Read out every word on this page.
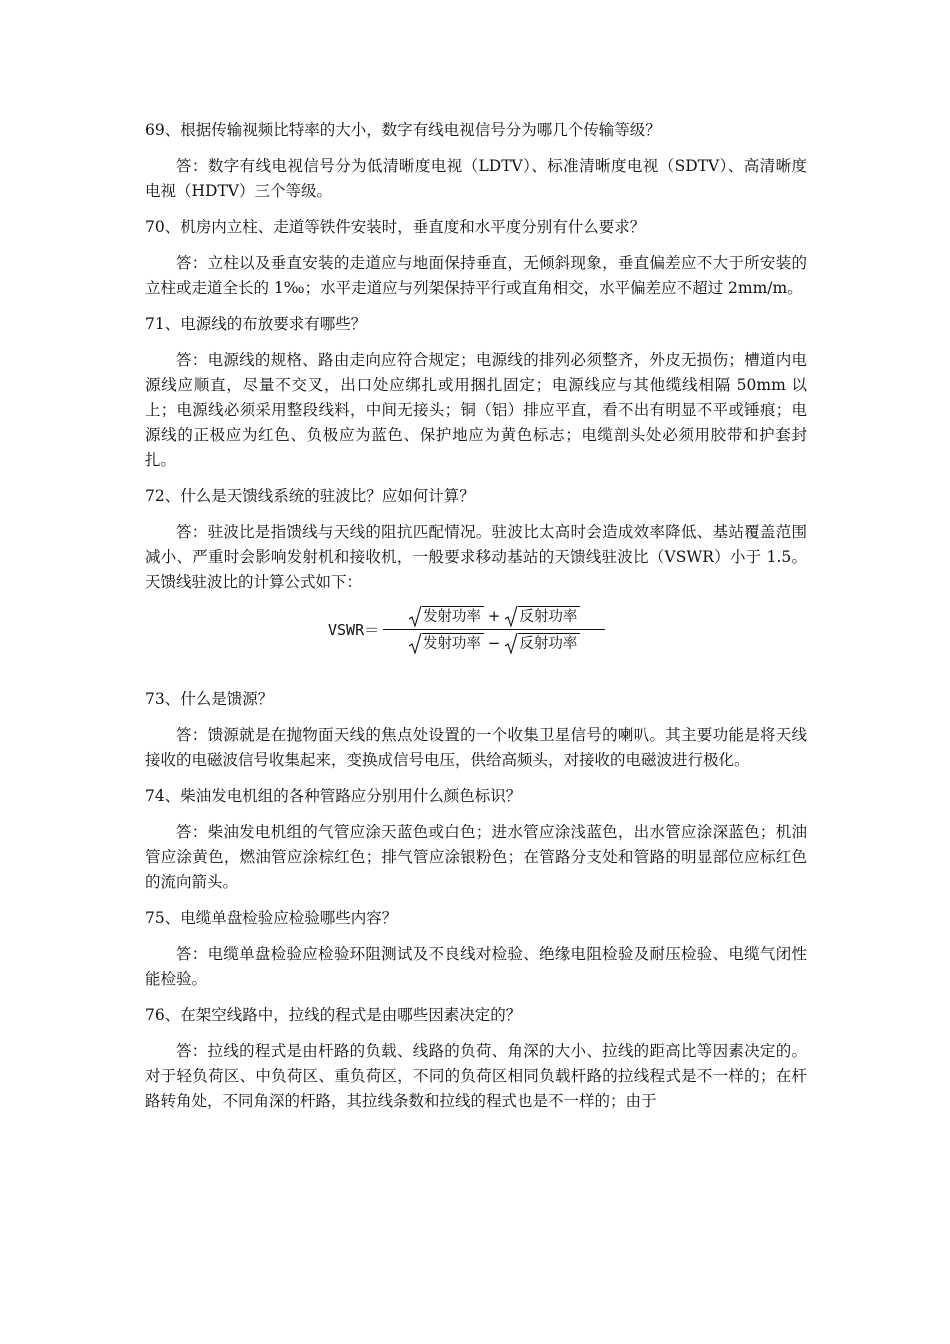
69、根据传输视频比特率的大小，数字有线电视信号分为哪几个传输等级？

答：数字有线电视信号分为低清晰度电视（LDTV）、标准清晰度电视（SDTV）、高清晰度电视（HDTV）三个等级。

70、机房内立柱、走道等铁件安装时，垂直度和水平度分别有什么要求？

答：立柱以及垂直安装的走道应与地面保持垂直，无倾斜现象，垂直偏差应不大于所安装的立柱或走道全长的 1‰；水平走道应与列架保持平行或直角相交，水平偏差应不超过 2mm/m。

71、电源线的布放要求有哪些？

答：电源线的规格、路由走向应符合规定；电源线的排列必须整齐，外皮无损伤；槽道内电源线应顺直，尽量不交叉，出口处应绑扎或用捆扎固定；电源线应与其他缆线相隔 50mm 以上；电源线必须采用整段线料，中间无接头；铜（铝）排应平直，看不出有明显不平或锤痕；电源线的正极应为红色、负极应为蓝色、保护地应为黄色标志；电缆剖头处必须用胶带和护套封扎。

72、什么是天馈线系统的驻波比？应如何计算？

答：驻波比是指馈线与天线的阻抗匹配情况。驻波比太高时会造成效率降低、基站覆盖范围减小、严重时会影响发射机和接收机，一般要求移动基站的天馈线驻波比（VSWR）小于 1.5。天馈线驻波比的计算公式如下：

VSWR＝
发射功率 + 反射功率
发射功率 − 反射功率

73、什么是馈源？

答：馈源就是在抛物面天线的焦点处设置的一个收集卫星信号的喇叭。其主要功能是将天线接收的电磁波信号收集起来，变换成信号电压，供给高频头，对接收的电磁波进行极化。

74、柴油发电机组的各种管路应分别用什么颜色标识？

答：柴油发电机组的气管应涂天蓝色或白色；进水管应涂浅蓝色，出水管应涂深蓝色；机油管应涂黄色，燃油管应涂棕红色；排气管应涂银粉色；在管路分支处和管路的明显部位应标红色的流向箭头。

75、电缆单盘检验应检验哪些内容？

答：电缆单盘检验应检验环阻测试及不良线对检验、绝缘电阻检验及耐压检验、电缆气闭性能检验。

76、在架空线路中，拉线的程式是由哪些因素决定的？

答：拉线的程式是由杆路的负载、线路的负荷、角深的大小、拉线的距高比等因素决定的。对于轻负荷区、中负荷区、重负荷区，不同的负荷区相同负载杆路的拉线程式是不一样的；在杆路转角处，不同角深的杆路，其拉线条数和拉线的程式也是不一样的；由于
